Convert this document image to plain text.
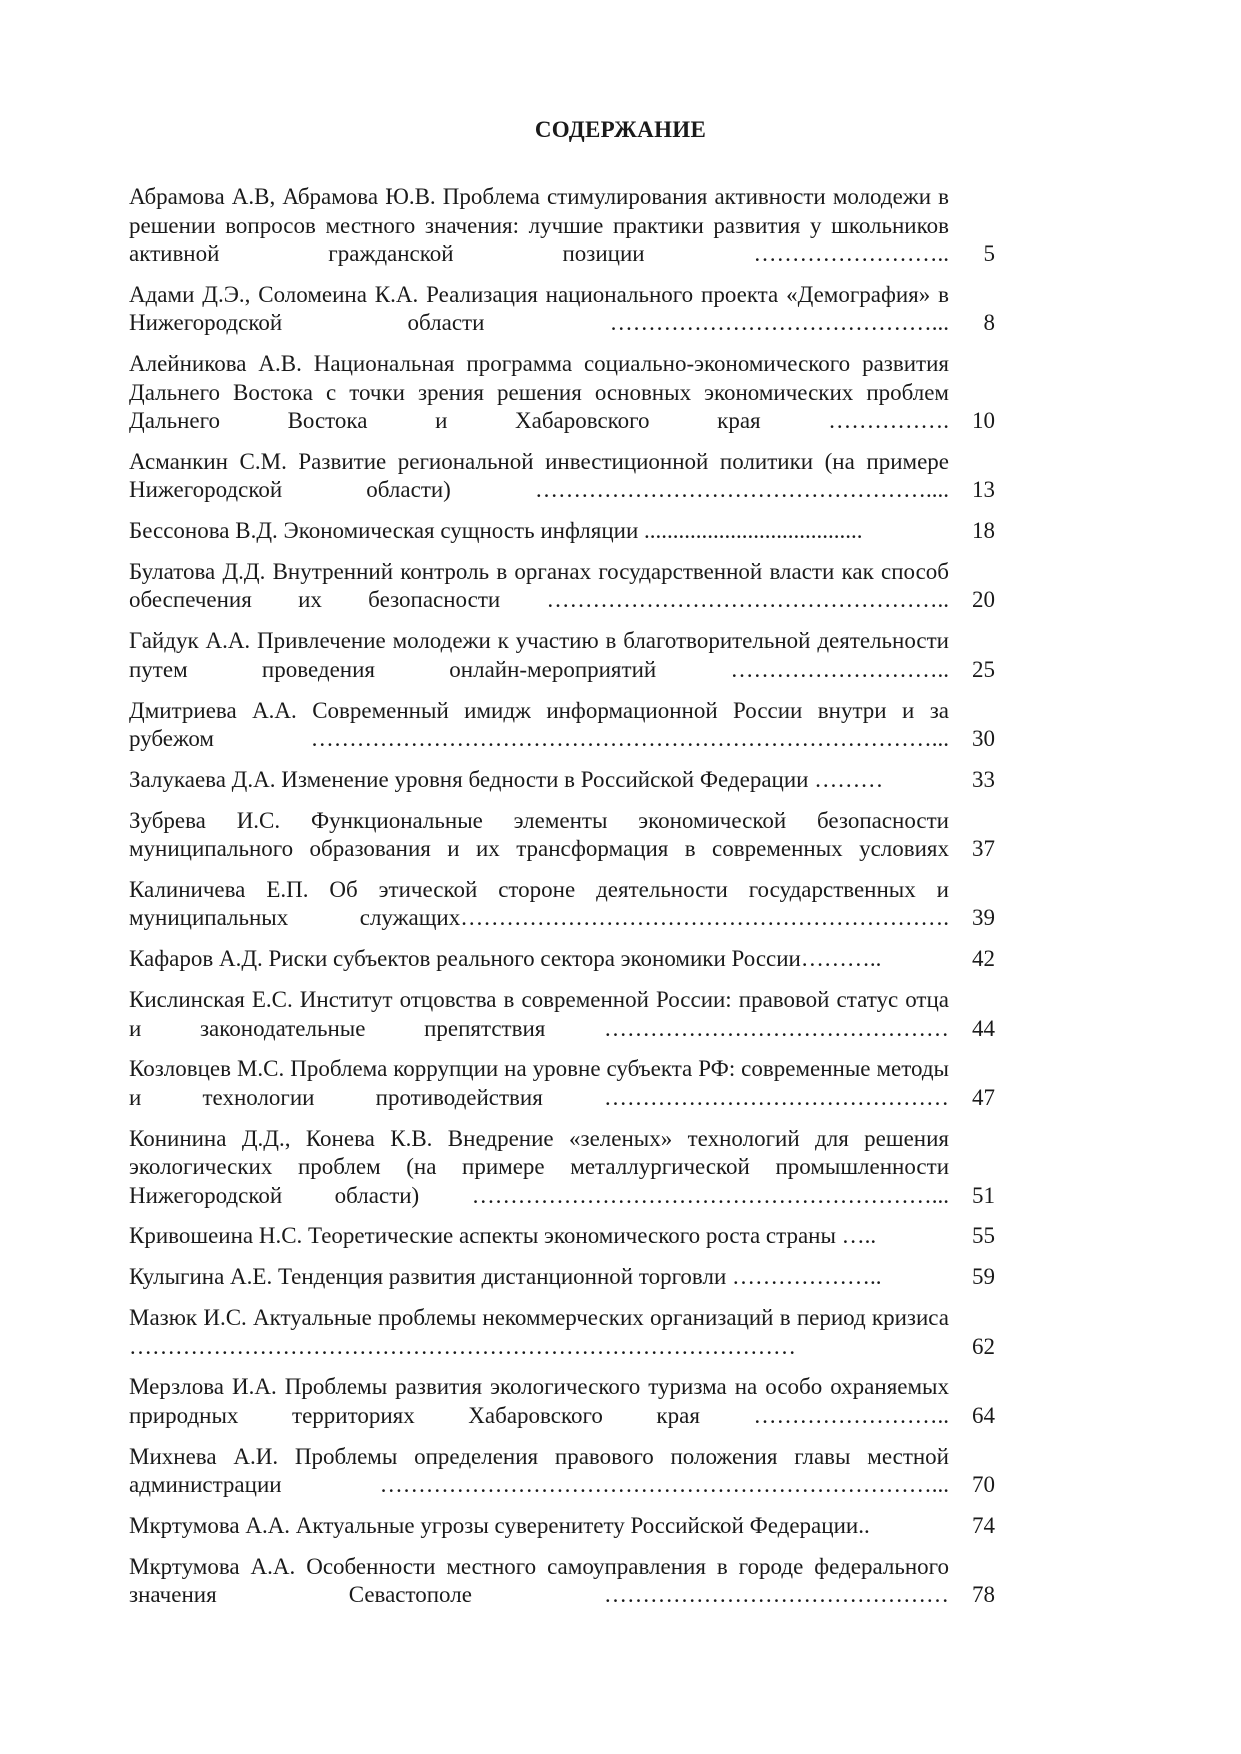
СОДЕРЖАНИЕ
Абрамова А.В, Абрамова Ю.В. Проблема стимулирования активности молодежи в решении вопросов местного значения: лучшие практики развития у школьников активной гражданской позиции ……………………..	5
Адами Д.Э., Соломеина К.А. Реализация национального проекта «Демография» в Нижегородской области ……………………………………...	8
Алейникова А.В. Национальная программа социально-экономического развития Дальнего Востока с точки зрения решения основных экономических проблем Дальнего Востока и Хабаровского края …………….	10
Асманкин С.М. Развитие региональной инвестиционной политики (на примере Нижегородской области) ……………………………………………....	13
Бессонова В.Д. Экономическая сущность инфляции ......................................	18
Булатова Д.Д. Внутренний контроль в органах государственной власти как способ обеспечения их безопасности ……………………………………………..	20
Гайдук А.А. Привлечение молодежи к участию в благотворительной деятельности путем проведения онлайн-мероприятий ………………………..	25
Дмитриева А.А. Современный имидж информационной России внутри и за рубежом ………………………………………………………………………...	30
Залукаева Д.А. Изменение уровня бедности в Российской Федерации ………	33
Зубрева И.С. Функциональные элементы экономической безопасности муниципального образования и их трансформация в современных условиях	37
Калиничева Е.П. Об этической стороне деятельности государственных и муниципальных служащих……………………………………………………….	39
Кафаров А.Д. Риски субъектов реального сектора экономики России………..	42
Кислинская Е.С. Институт отцовства в современной России: правовой статус отца и законодательные препятствия ………………………………………	44
Козловцев М.С. Проблема коррупции на уровне субъекта РФ: современные методы и технологии противодействия ………………………………………	47
Конинина Д.Д., Конева К.В. Внедрение «зеленых» технологий для решения экологических проблем (на примере металлургической промышленности Нижегородской области) ……………………………………………………...	51
Кривошеина Н.С. Теоретические аспекты экономического роста страны …..	55
Кулыгина А.Е. Тенденция развития дистанционной торговли ………………..	59
Мазюк И.С. Актуальные проблемы некоммерческих организаций в период кризиса ……………………………………………………………………………	62
Мерзлова И.А. Проблемы развития экологического туризма на особо охраняемых природных территориях Хабаровского края ……………………..	64
Михнева А.И. Проблемы определения правового положения главы местной администрации ………………………………………………………………...	70
Мкртумова А.А. Актуальные угрозы суверенитету Российской Федерации..	74
Мкртумова А.А. Особенности местного самоуправления в городе федерального значения Севастополе ………………………………………	78
